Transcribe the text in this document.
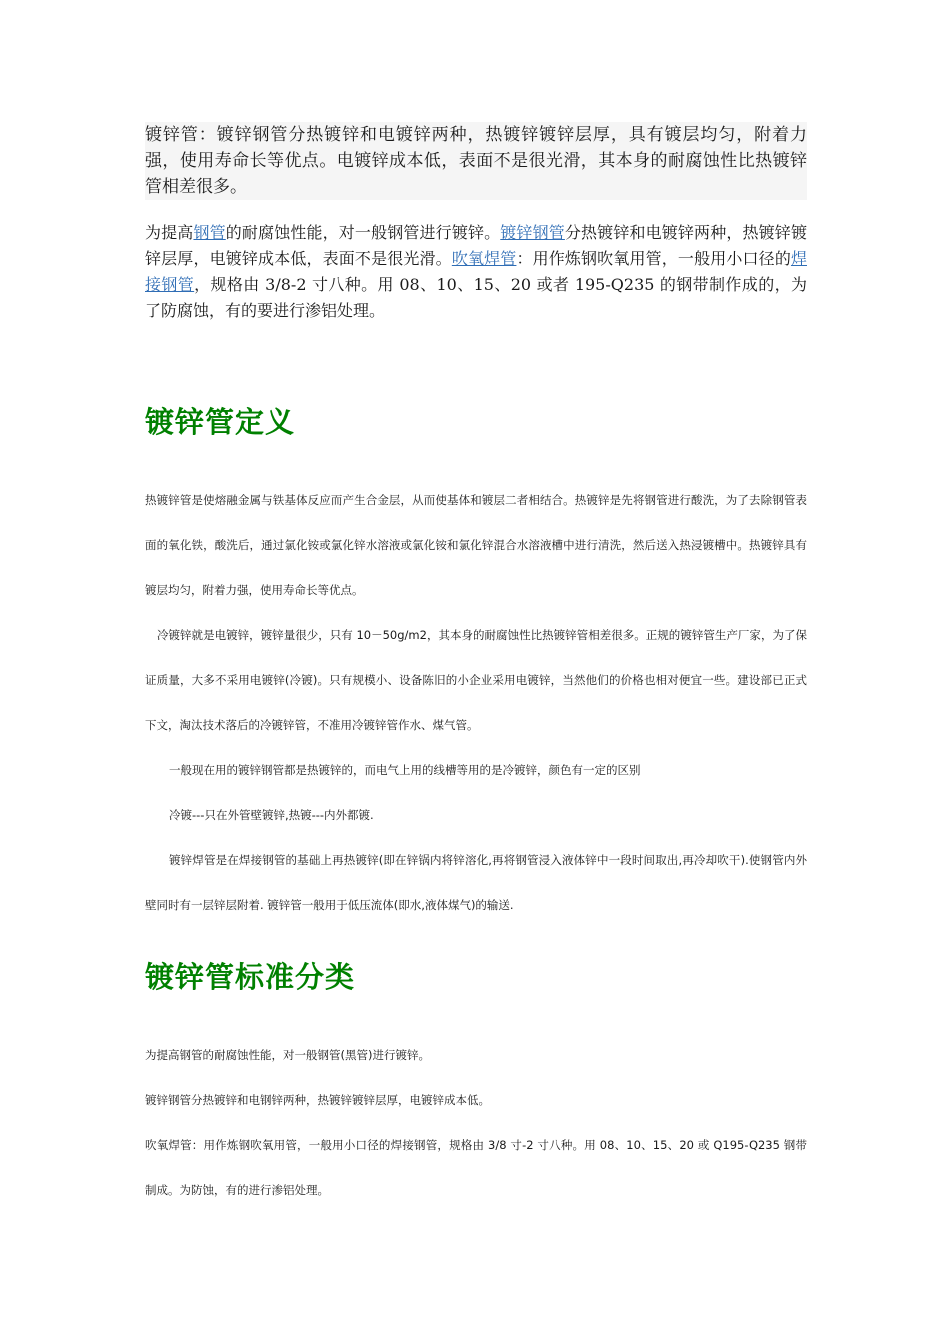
镀锌管：镀锌钢管分热镀锌和电镀锌两种，热镀锌镀锌层厚，具有镀层均匀，附着力强，使用寿命长等优点。电镀锌成本低，表面不是很光滑，其本身的耐腐蚀性比热镀锌管相差很多。
为提高钢管的耐腐蚀性能，对一般钢管进行镀锌。镀锌钢管分热镀锌和电镀锌两种，热镀锌镀锌层厚，电镀锌成本低，表面不是很光滑。吹氧焊管：用作炼钢吹氧用管，一般用小口径的焊接钢管，规格由 3/8-2 寸八种。用 08、10、15、20 或者 195-Q235 的钢带制作成的，为了防腐蚀，有的要进行渗铝处理。
镀锌管定义

热镀锌管是使熔融金属与铁基体反应而产生合金层，从而使基体和镀层二者相结合。热镀锌是先将钢管进行酸洗，为了去除钢管表面的氧化铁，酸洗后，通过氯化铵或氯化锌水溶液或氯化铵和氯化锌混合水溶液槽中进行清洗，然后送入热浸镀槽中。热镀锌具有镀层均匀，附着力强，使用寿命长等优点。

冷镀锌就是电镀锌，镀锌量很少，只有 10－50g/m2，其本身的耐腐蚀性比热镀锌管相差很多。正规的镀锌管生产厂家，为了保证质量，大多不采用电镀锌(冷镀)。只有规模小、设备陈旧的小企业采用电镀锌，当然他们的价格也相对便宜一些。建设部已正式下文，淘汰技术落后的冷镀锌管，不准用冷镀锌管作水、煤气管。

一般现在用的镀锌钢管都是热镀锌的，而电气上用的线槽等用的是冷镀锌，颜色有一定的区别

冷镀---只在外管壁镀锌,热镀---内外都镀.

镀锌焊管是在焊接钢管的基础上再热镀锌(即在锌锅内将锌溶化,再将钢管浸入液体锌中一段时间取出,再冷却吹干).使钢管内外壁同时有一层锌层附着. 镀锌管一般用于低压流体(即水,液体煤气)的输送.

镀锌管标准分类

为提高钢管的耐腐蚀性能，对一般钢管(黑管)进行镀锌。

镀锌钢管分热镀锌和电钢锌两种，热镀锌镀锌层厚，电镀锌成本低。

吹氧焊管：用作炼钢吹氧用管，一般用小口径的焊接钢管，规格由 3/8 寸-2 寸八种。用 08、10、15、20 或 Q195-Q235 钢带制成。为防蚀，有的进行渗铝处理。
